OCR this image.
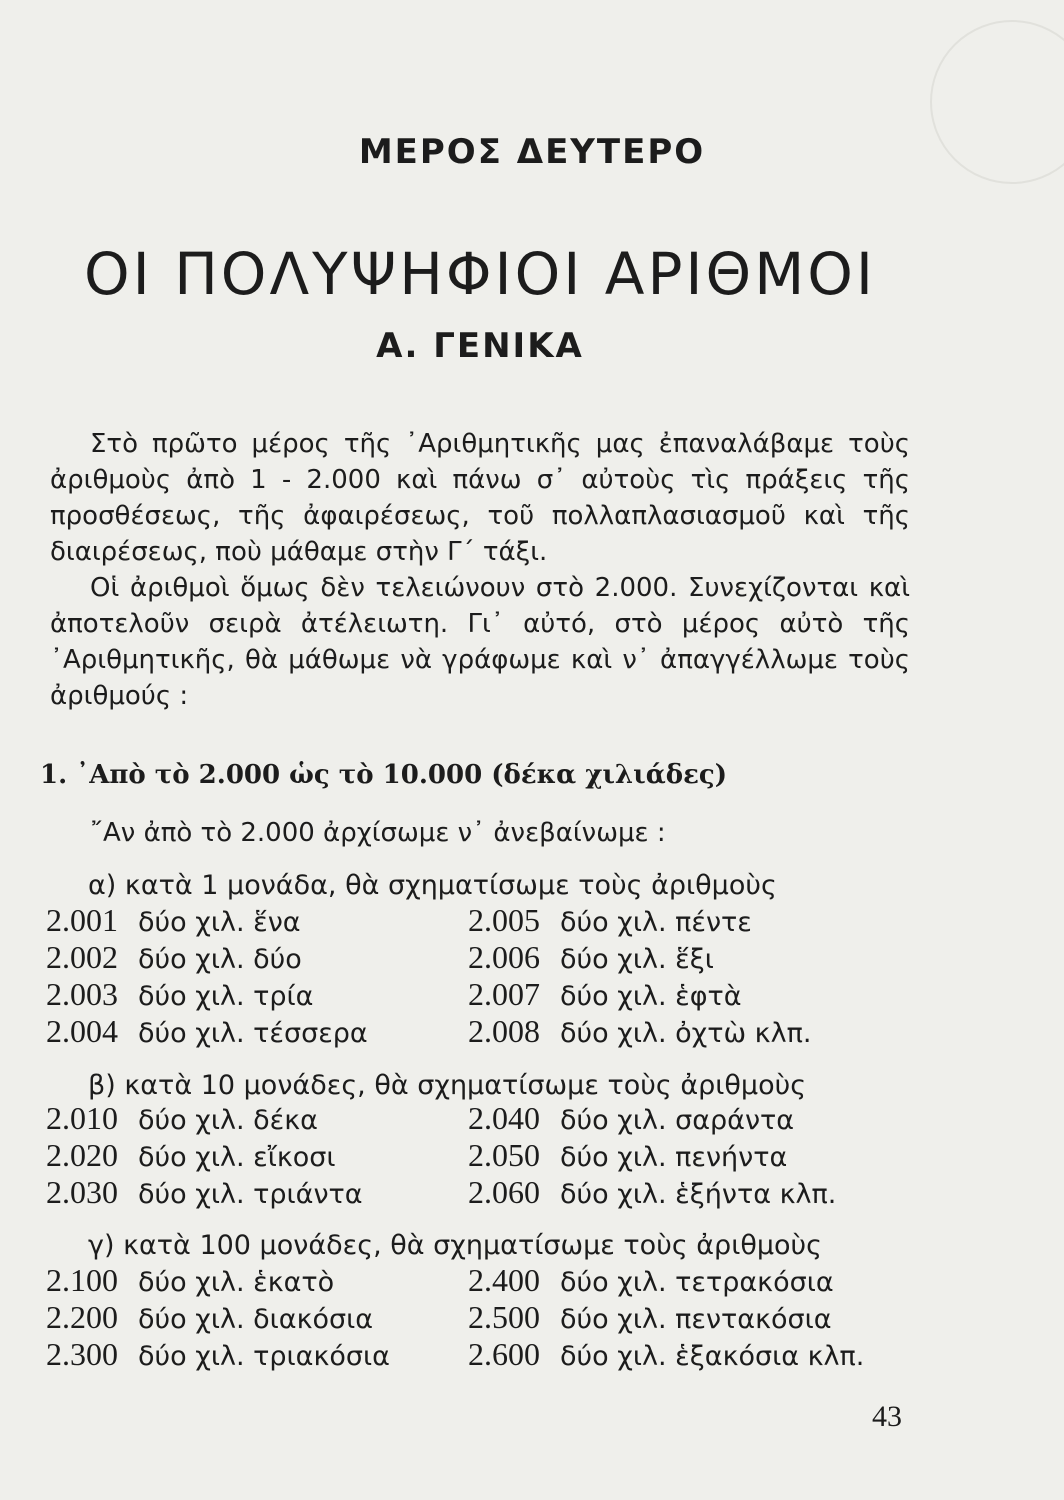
ΜΕΡΟΣ ΔΕΥΤΕΡΟ
ΟΙ ΠΟΛΥΨΗΦΙΟΙ ΑΡΙΘΜΟΙ
Α. ΓΕΝΙΚΑ
Στὸ πρῶτο μέρος τῆς ᾿Αριθμητικῆς μας ἐπαναλάβαμε τοὺς ἀριθμοὺς ἀπὸ 1 - 2.000 καὶ πάνω σ᾿ αὐτοὺς τὶς πράξεις τῆς προσθέσεως, τῆς ἀφαιρέσεως, τοῦ πολλαπλασιασμοῦ καὶ τῆς διαιρέσεως, ποὺ μάθαμε στὴν Γ΄ τάξι.
Οἱ ἀριθμοὶ ὅμως δὲν τελειώνουν στὸ 2.000. Συνεχίζονται καὶ ἀποτελοῦν σειρὰ ἀτέλειωτη. Γι᾿ αὐτό, στὸ μέρος αὐτὸ τῆς ᾿Αριθμητικῆς, θὰ μάθωμε νὰ γράφωμε καὶ ν᾿ ἀπαγγέλλωμε τοὺς ἀριθμούς :
1. ᾿Απὸ τὸ 2.000 ὡς τὸ 10.000 (δέκα χιλιάδες)
῎Αν ἀπὸ τὸ 2.000 ἀρχίσωμε ν᾿ ἀνεβαίνωμε :
α) κατὰ 1 μονάδα, θὰ σχηματίσωμε τοὺς ἀριθμοὺς
2.001 δύο χιλ. ἕνα
2.002 δύο χιλ. δύο
2.003 δύο χιλ. τρία
2.004 δύο χιλ. τέσσερα
2.005 δύο χιλ. πέντε
2.006 δύο χιλ. ἕξι
2.007 δύο χιλ. ἑφτὰ
2.008 δύο χιλ. ὀχτὼ κλπ.
β) κατὰ 10 μονάδες, θὰ σχηματίσωμε τοὺς ἀριθμοὺς
2.010 δύο χιλ. δέκα
2.020 δύο χιλ. εἴκοσι
2.030 δύο χιλ. τριάντα
2.040 δύο χιλ. σαράντα
2.050 δύο χιλ. πενήντα
2.060 δύο χιλ. ἑξήντα κλπ.
γ) κατὰ 100 μονάδες, θὰ σχηματίσωμε τοὺς ἀριθμοὺς
2.100 δύο χιλ. ἑκατὸ
2.200 δύο χιλ. διακόσια
2.300 δύο χιλ. τριακόσια
2.400 δύο χιλ. τετρακόσια
2.500 δύο χιλ. πεντακόσια
2.600 δύο χιλ. ἑξακόσια κλπ.
43
